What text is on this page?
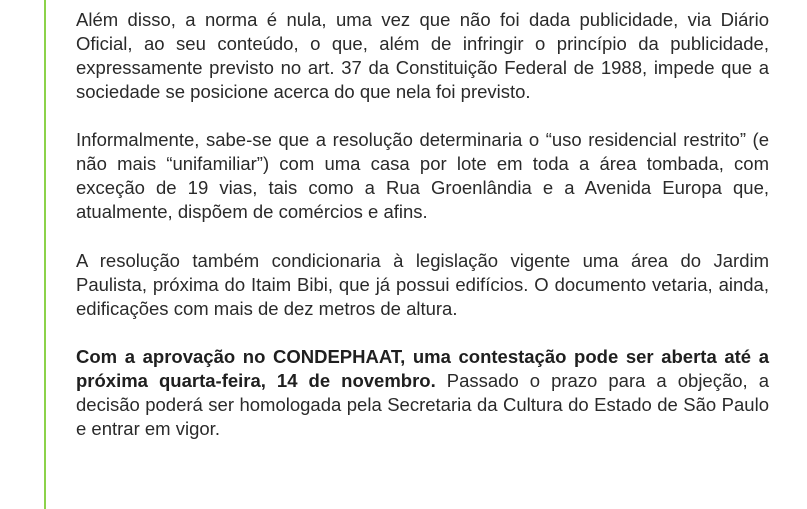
Além disso, a norma é nula, uma vez que não foi dada publicidade, via Diário Oficial, ao seu conteúdo, o que, além de infringir o princípio da publicidade, expressamente previsto no art. 37 da Constituição Federal de 1988, impede que a sociedade se posicione acerca do que nela foi previsto.

Informalmente, sabe-se que a resolução determinaria o “uso residencial restrito” (e não mais “unifamiliar”) com uma casa por lote em toda a área tombada, com exceção de 19 vias, tais como a Rua Groenlândia e a Avenida Europa que, atualmente, dispõem de comércios e afins.

A resolução também condicionaria à legislação vigente uma área do Jardim Paulista, próxima do Itaim Bibi, que já possui edifícios. O documento vetaria, ainda, edificações com mais de dez metros de altura.

Com a aprovação no CONDEPHAAT, uma contestação pode ser aberta até a próxima quarta-feira, 14 de novembro. Passado o prazo para a objeção, a decisão poderá ser homologada pela Secretaria da Cultura do Estado de São Paulo e entrar em vigor.
